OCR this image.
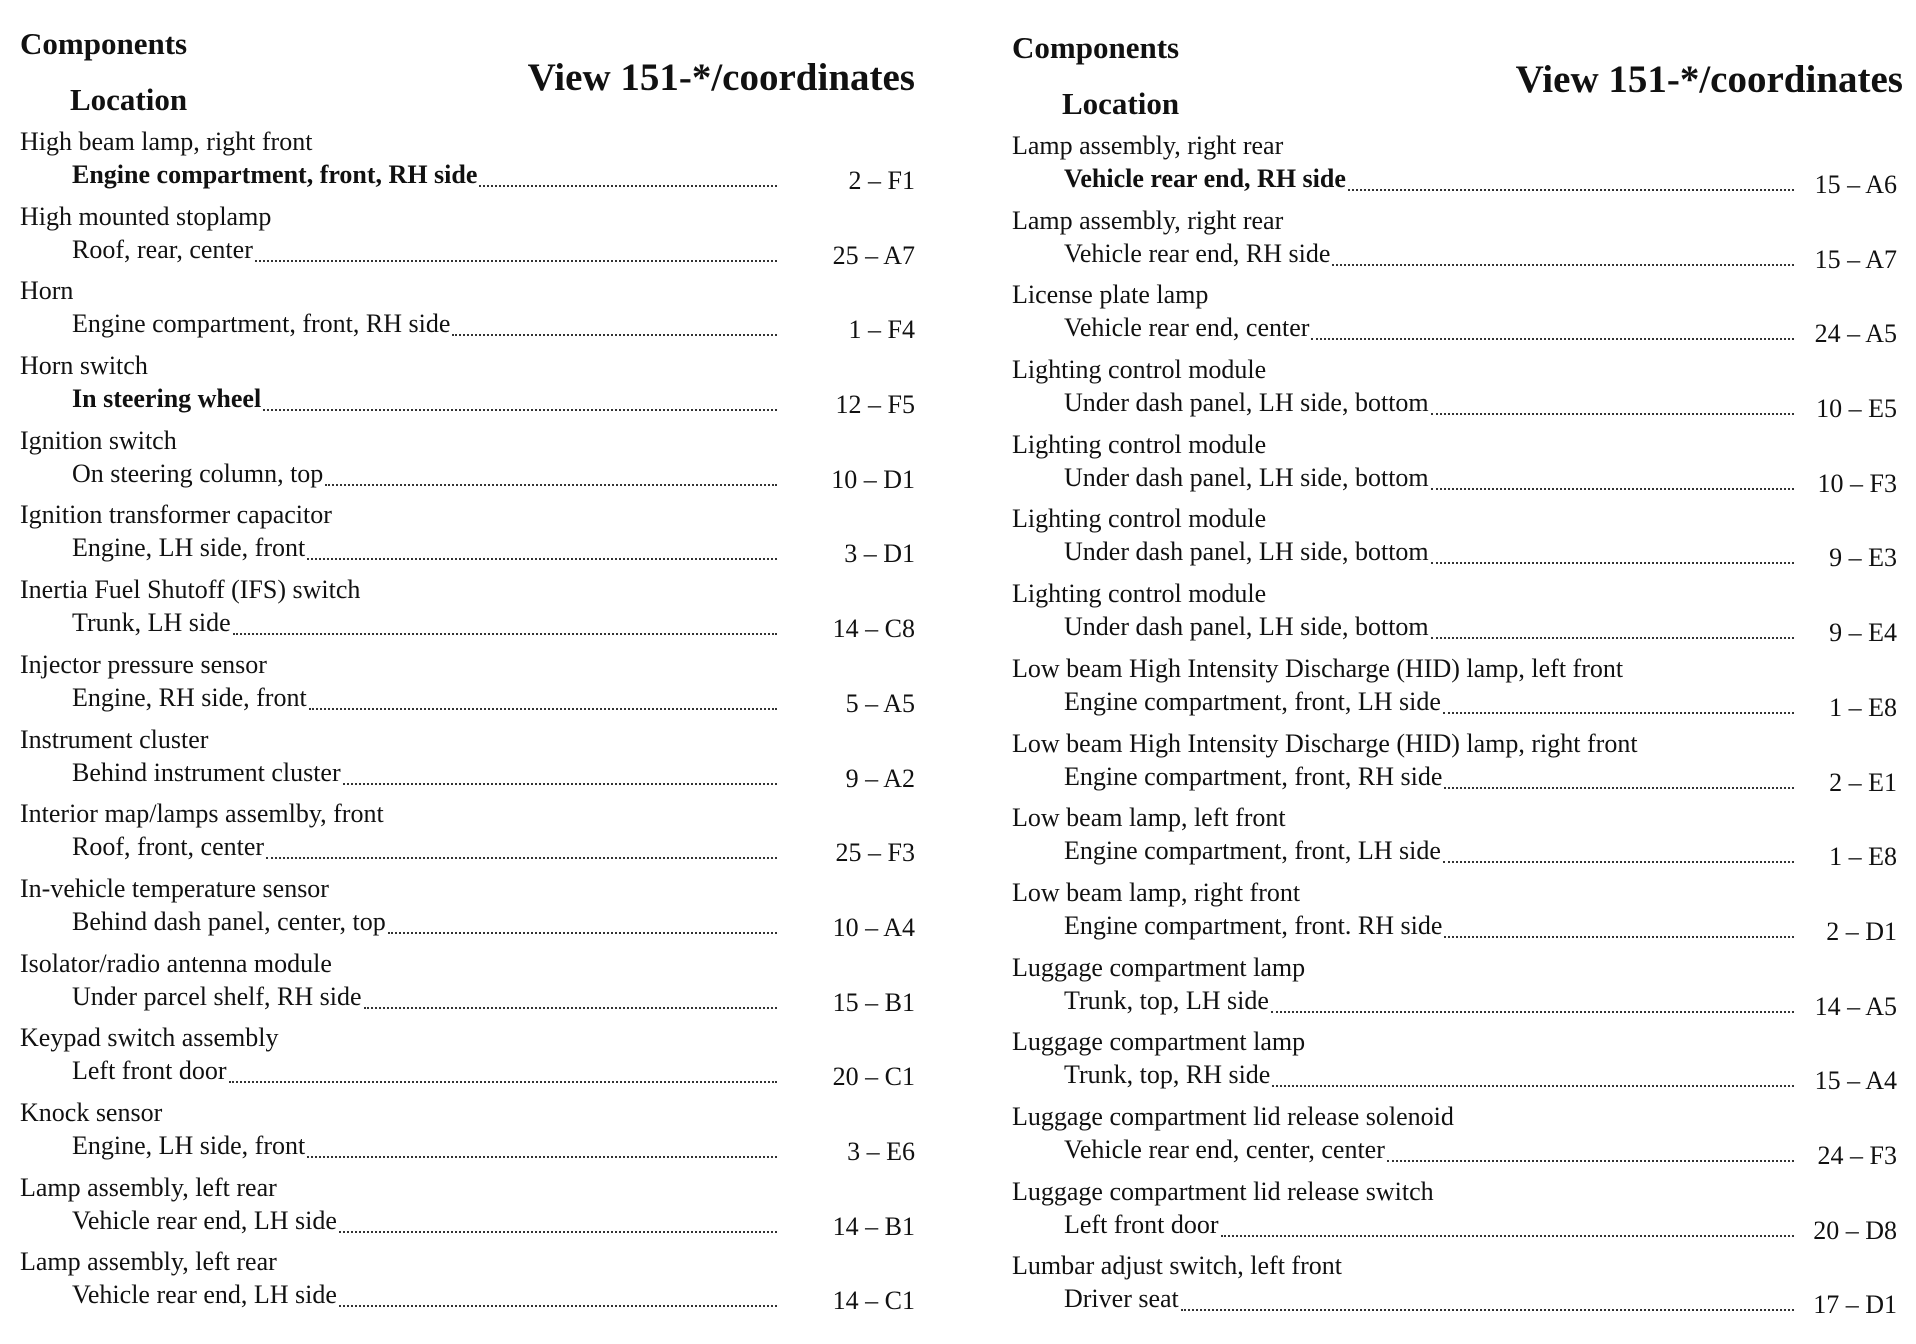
Components
Location
View 151-*/coordinates
High beam lamp, right front
Engine compartment, front, RH side	2 – F1
High mounted stoplamp
Roof, rear, center	25 – A7
Horn
Engine compartment, front, RH side	1 – F4
Horn switch
In steering wheel	12 – F5
Ignition switch
On steering column, top	10 – D1
Ignition transformer capacitor
Engine, LH side, front	3 – D1
Inertia Fuel Shutoff (IFS) switch
Trunk, LH side	14 – C8
Injector pressure sensor
Engine, RH side, front	5 – A5
Instrument cluster
Behind instrument cluster	9 – A2
Interior map/lamps assemlby, front
Roof, front, center	25 – F3
In-vehicle temperature sensor
Behind dash panel, center, top	10 – A4
Isolator/radio antenna module
Under parcel shelf, RH side	15 – B1
Keypad switch assembly
Left front door	20 – C1
Knock sensor
Engine, LH side, front	3 – E6
Lamp assembly, left rear
Vehicle rear end, LH side	14 – B1
Lamp assembly, left rear
Vehicle rear end, LH side	14 – C1
Components
Location
View 151-*/coordinates
Lamp assembly, right rear
Vehicle rear end, RH side	15 – A6
Lamp assembly, right rear
Vehicle rear end, RH side	15 – A7
License plate lamp
Vehicle rear end, center	24 – A5
Lighting control module
Under dash panel, LH side, bottom	10 – E5
Lighting control module
Under dash panel, LH side, bottom	10 – F3
Lighting control module
Under dash panel, LH side, bottom	9 – E3
Lighting control module
Under dash panel, LH side, bottom	9 – E4
Low beam High Intensity Discharge (HID) lamp, left front
Engine compartment, front, LH side	1 – E8
Low beam High Intensity Discharge (HID) lamp, right front
Engine compartment, front, RH side	2 – E1
Low beam lamp, left front
Engine compartment, front, LH side	1 – E8
Low beam lamp, right front
Engine compartment, front. RH side	2 – D1
Luggage compartment lamp
Trunk, top, LH side	14 – A5
Luggage compartment lamp
Trunk, top, RH side	15 – A4
Luggage compartment lid release solenoid
Vehicle rear end, center, center	24 – F3
Luggage compartment lid release switch
Left front door	20 – D8
Lumbar adjust switch, left front
Driver seat	17 – D1
